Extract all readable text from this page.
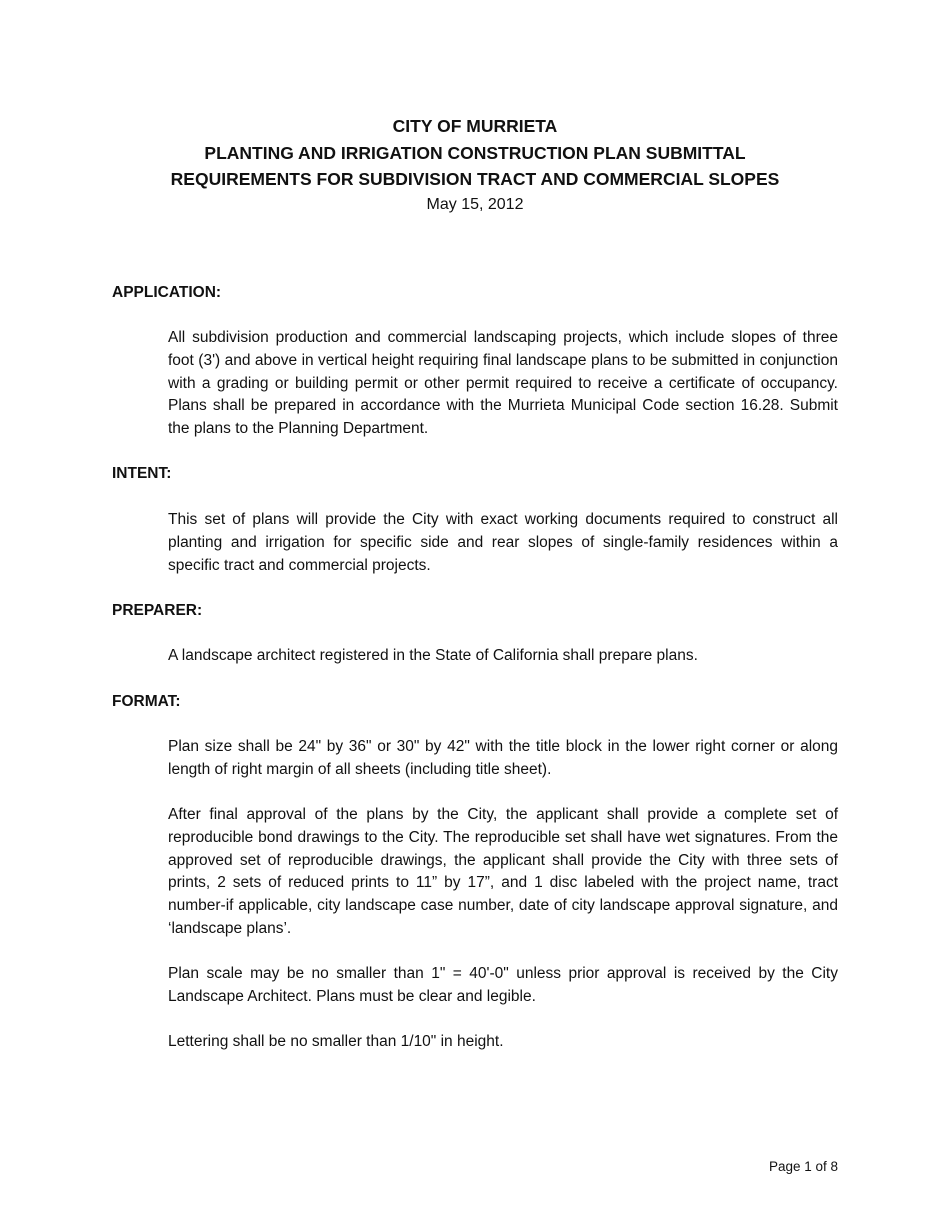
CITY OF MURRIETA

PLANTING AND IRRIGATION CONSTRUCTION PLAN SUBMITTAL

REQUIREMENTS FOR SUBDIVISION TRACT AND COMMERCIAL SLOPES

May 15, 2012

APPLICATION:

All subdivision production and commercial landscaping projects, which include slopes of three foot (3') and above in vertical height requiring final landscape plans to be submitted in conjunction with a grading or building permit or other permit required to receive a certificate of occupancy. Plans shall be prepared in accordance with the Murrieta Municipal Code section 16.28. Submit the plans to the Planning Department.

INTENT:

This set of plans will provide the City with exact working documents required to construct all planting and irrigation for specific side and rear slopes of single-family residences within a specific tract and commercial projects.

PREPARER:

A landscape architect registered in the State of California shall prepare plans.

FORMAT:

Plan size shall be 24" by 36" or 30" by 42" with the title block in the lower right corner or along length of right margin of all sheets (including title sheet).

After final approval of the plans by the City, the applicant shall provide a complete set of reproducible bond drawings to the City. The reproducible set shall have wet signatures. From the approved set of reproducible drawings, the applicant shall provide the City with three sets of prints, 2 sets of reduced prints to 11” by 17”, and 1 disc labeled with the project name, tract number-if applicable, city landscape case number, date of city landscape approval signature, and ‘landscape plans’.

Plan scale may be no smaller than 1" = 40'-0" unless prior approval is received by the City Landscape Architect. Plans must be clear and legible.

Lettering shall be no smaller than 1/10" in height.

Page 1 of 8
